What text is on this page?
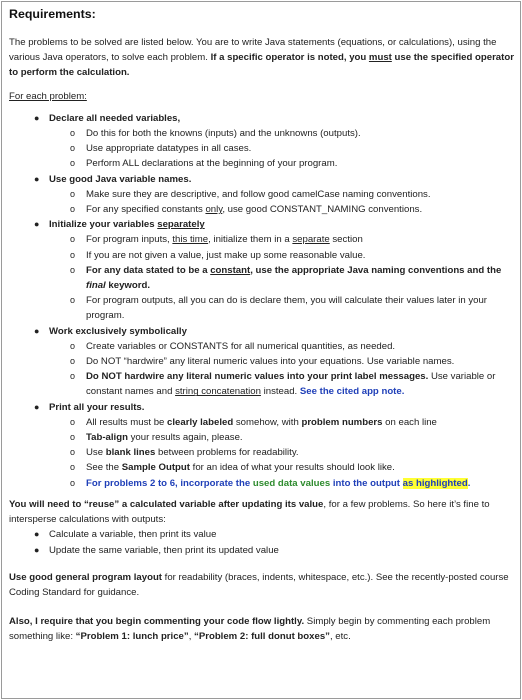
Requirements:

The problems to be solved are listed below. You are to write Java statements (equations, or calculations), using the various Java operators, to solve each problem. If a specific operator is noted, you must use the specified operator to perform the calculation.

For each problem:

● Declare all needed variables,
o Do this for both the knowns (inputs) and the unknowns (outputs).
o Use appropriate datatypes in all cases.
o Perform ALL declarations at the beginning of your program.
● Use good Java variable names.
o Make sure they are descriptive, and follow good camelCase naming conventions.
o For any specified constants only, use good CONSTANT_NAMING conventions.
● Initialize your variables separately
o For program inputs, this time, initialize them in a separate section
o If you are not given a value, just make up some reasonable value.
o For any data stated to be a constant, use the appropriate Java naming conventions and the final keyword.
o For program outputs, all you can do is declare them, you will calculate their values later in your program.
● Work exclusively symbolically
o Create variables or CONSTANTS for all numerical quantities, as needed.
o Do NOT “hardwire” any literal numeric values into your equations. Use variable names.
o Do NOT hardwire any literal numeric values into your print label messages. Use variable or constant names and string concatenation instead. See the cited app note.
● Print all your results.
o All results must be clearly labeled somehow, with problem numbers on each line
o Tab-align your results again, please.
o Use blank lines between problems for readability.
o See the Sample Output for an idea of what your results should look like.
o For problems 2 to 6, incorporate the used data values into the output as highlighted.

You will need to “reuse” a calculated variable after updating its value, for a few problems. So here it’s fine to intersperse calculations with outputs:

● Calculate a variable, then print its value
● Update the same variable, then print its updated value

Use good general program layout for readability (braces, indents, whitespace, etc.). See the recently-posted course Coding Standard for guidance.

Also, I require that you begin commenting your code flow lightly. Simply begin by commenting each problem something like: “Problem 1: lunch price”, “Problem 2: full donut boxes”, etc.
